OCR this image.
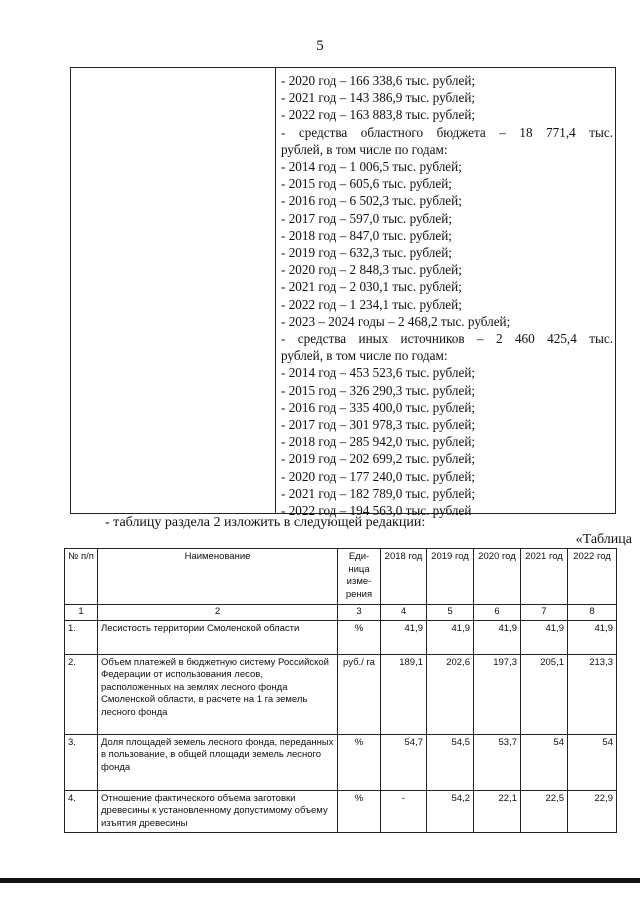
5
- 2020 год – 166 338,6 тыс. рублей;
- 2021 год – 143 386,9 тыс. рублей;
- 2022 год – 163 883,8 тыс. рублей;
- средства областного бюджета – 18 771,4 тыс.
рублей, в том числе по годам:
- 2014 год – 1 006,5 тыс. рублей;
- 2015 год – 605,6 тыс. рублей;
- 2016 год – 6 502,3 тыс. рублей;
- 2017 год – 597,0 тыс. рублей;
- 2018 год – 847,0 тыс. рублей;
- 2019 год – 632,3 тыс. рублей;
- 2020 год – 2 848,3 тыс. рублей;
- 2021 год – 2 030,1 тыс. рублей;
- 2022 год – 1 234,1 тыс. рублей;
- 2023 – 2024 годы – 2 468,2 тыс. рублей;
- средства иных источников – 2 460 425,4 тыс.
рублей, в том числе по годам:
- 2014 год – 453 523,6 тыс. рублей;
- 2015 год – 326 290,3 тыс. рублей;
- 2016 год – 335 400,0 тыс. рублей;
- 2017 год – 301 978,3 тыс. рублей;
- 2018 год – 285 942,0 тыс. рублей;
- 2019 год – 202 699,2 тыс. рублей;
- 2020 год – 177 240,0 тыс. рублей;
- 2021 год – 182 789,0 тыс. рублей;
- 2022 год – 194 563,0 тыс. рублей
- таблицу раздела 2 изложить в следующей редакции:
«Таблица
№ п/п	Наименование	Еди-ница изме-рения	2018 год	2019 год	2020 год	2021 год	2022 год
1	2	3	4	5	6	7	8
1.	Лесистость территории Смоленской области	%	41,9	41,9	41,9	41,9	41,9
2.	Объем платежей в бюджетную систему Российской Федерации от использования лесов, расположенных на землях лесного фонда Смоленской области, в расчете на 1 га земель лесного фонда	руб./ га	189,1	202,6	197,3	205,1	213,3
3.	Доля площадей земель лесного фонда, переданных в пользование, в общей площади земель лесного фонда	%	54,7	54,5	53,7	54	54
4.	Отношение фактического объема заготовки древесины к установленному допустимому объему изъятия древесины	%	-	54,2	22,1	22,5	22,9
